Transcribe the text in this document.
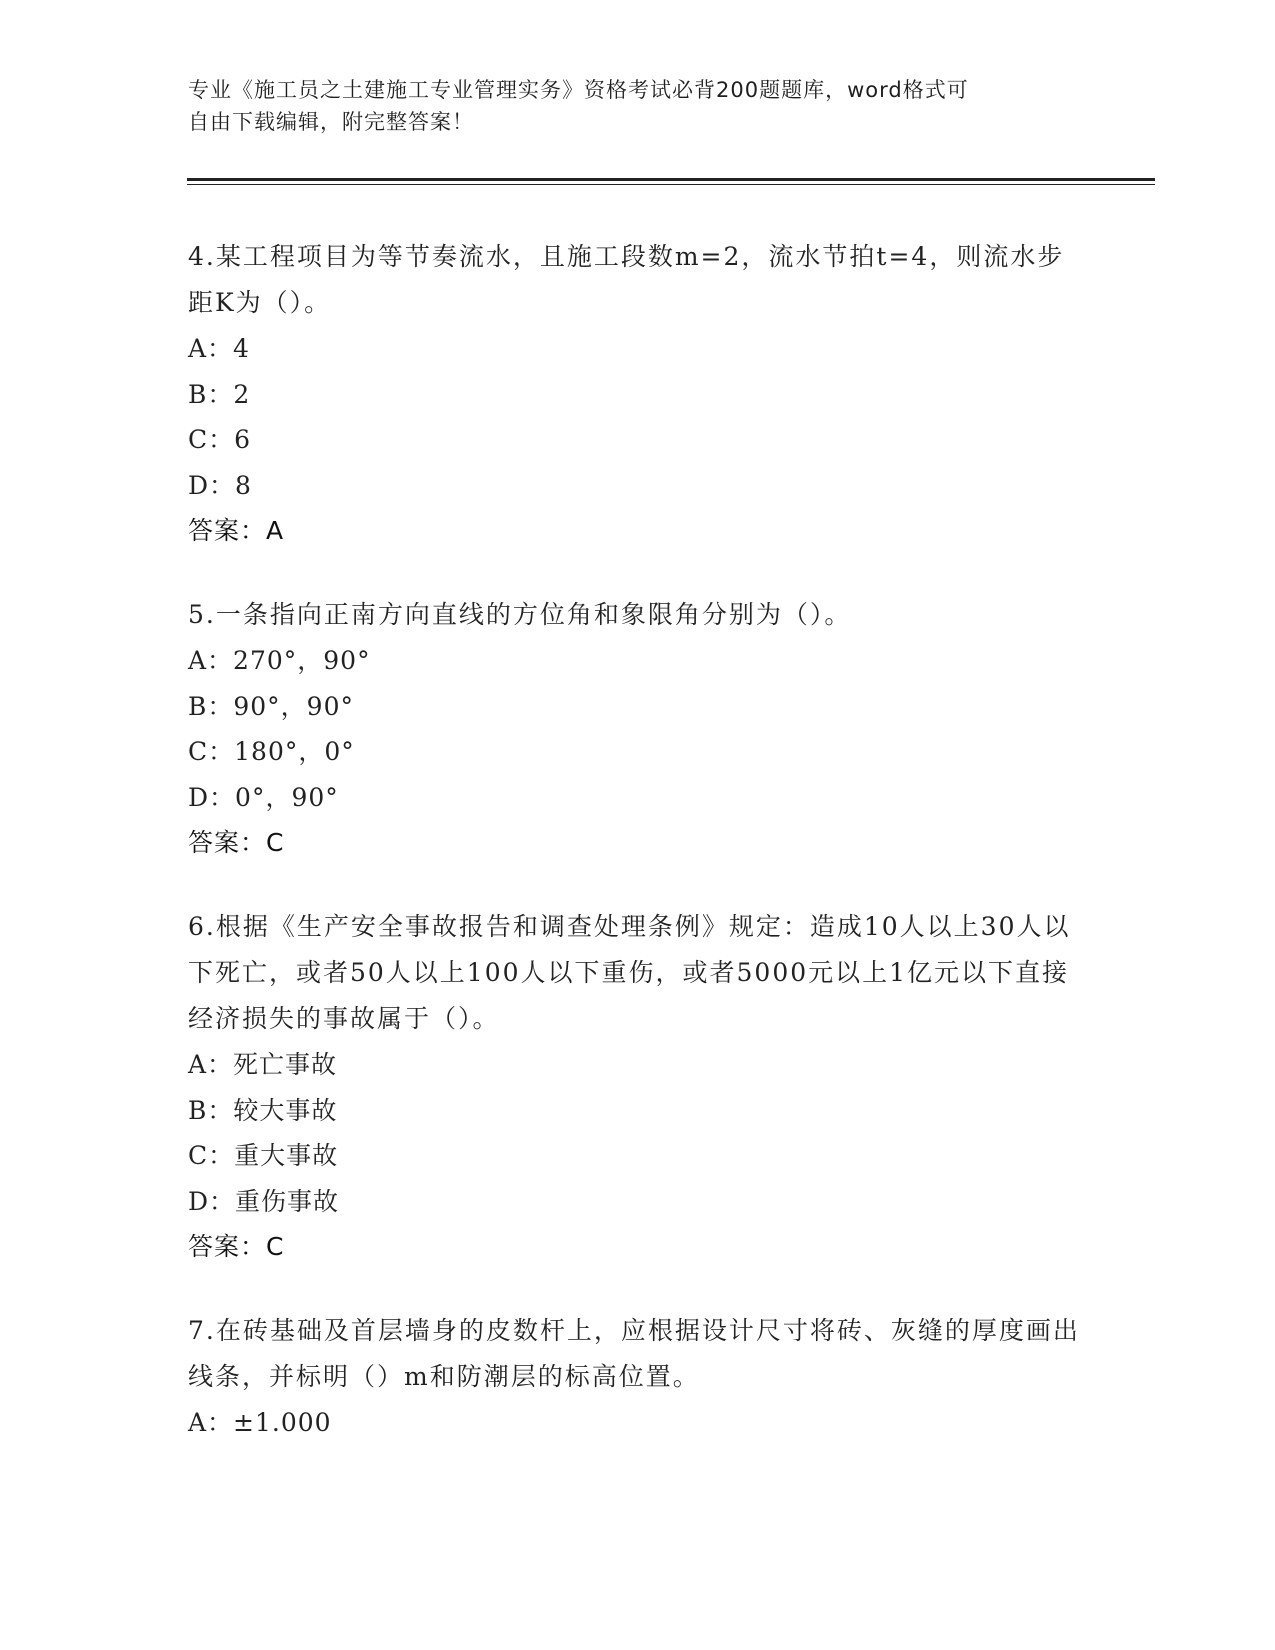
专业《施工员之土建施工专业管理实务》资格考试必背200题题库，word格式可

自由下载编辑，附完整答案！

4.某工程项目为等节奏流水，且施工段数m=2，流水节拍t=4，则流水步距K为（）。

A：4

B：2

C：6

D：8

答案：A

5.一条指向正南方向直线的方位角和象限角分别为（）。

A：270°，90°

B：90°，90°

C：180°，0°

D：0°，90°

答案：C

6.根据《生产安全事故报告和调查处理条例》规定：造成10人以上30人以下死亡，或者50人以上100人以下重伤，或者5000元以上1亿元以下直接经济损失的事故属于（）。

A：死亡事故

B：较大事故

C：重大事故

D：重伤事故

答案：C

7.在砖基础及首层墙身的皮数杆上，应根据设计尺寸将砖、灰缝的厚度画出线条，并标明（）m和防潮层的标高位置。

A：±1.000
